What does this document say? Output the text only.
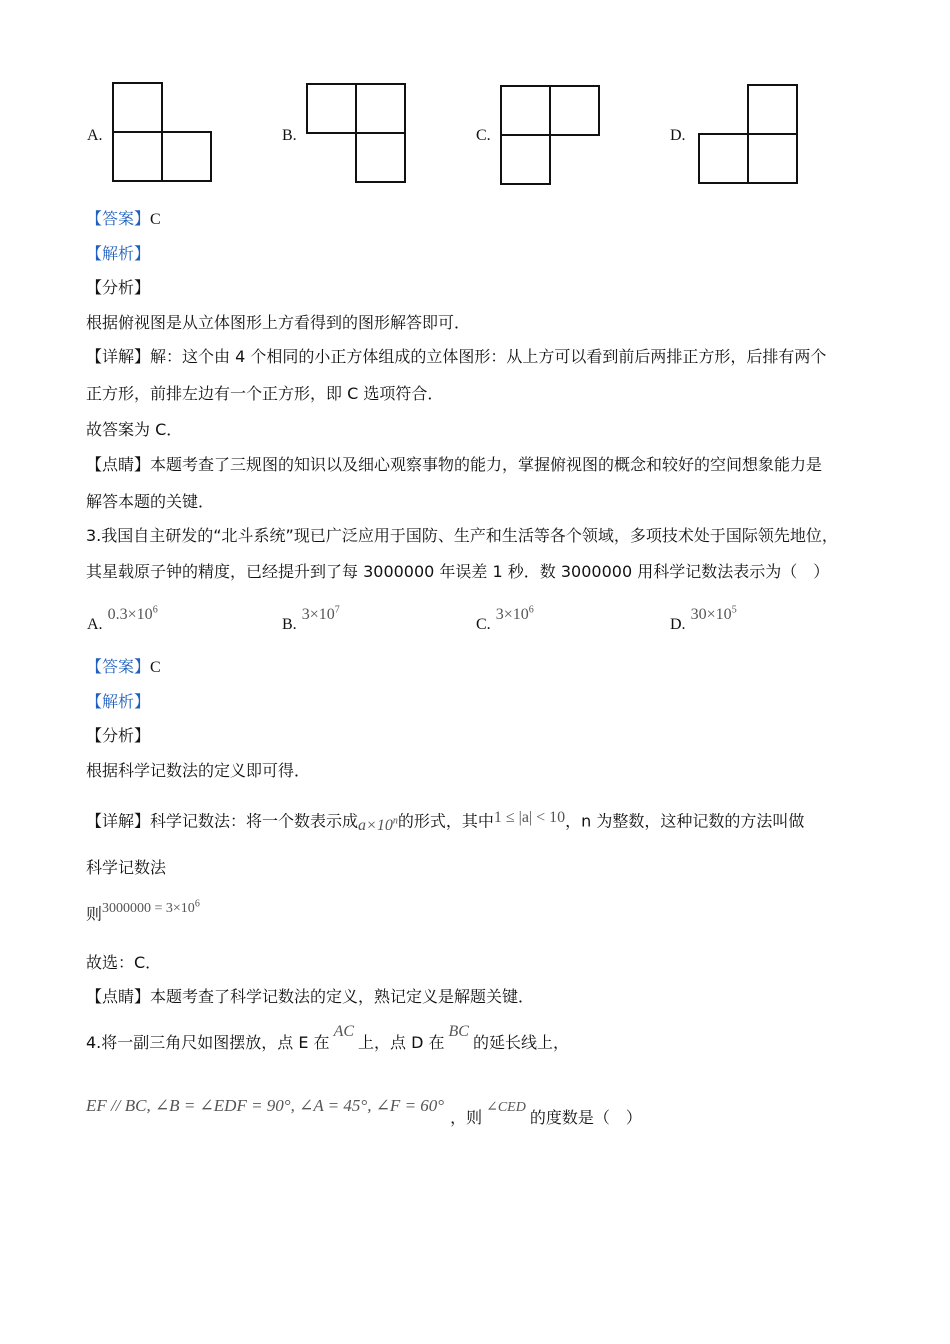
A.	B.	C.	D.
【答案】C
【解析】
【分析】
根据俯视图是从立体图形上方看得到的图形解答即可．
【详解】解：这个由 4 个相同的小正方体组成的立体图形：从上方可以看到前后两排正方形，后排有两个
正方形，前排左边有一个正方形，即 C 选项符合．
故答案为 C．
【点睛】本题考查了三规图的知识以及细心观察事物的能力，掌握俯视图的概念和较好的空间想象能力是
解答本题的关键．
3.我国自主研发的“北斗系统”现已广泛应用于国防、生产和生活等各个领域，多项技术处于国际领先地位，
其星载原子钟的精度，已经提升到了每 3000000 年误差 1 秒．数 3000000 用科学记数法表示为（　）
A. $0.3\times 10^6$
B. $3\times 10^7$
C. $3\times 10^6$
D. $30\times 10^5$
【答案】C
【解析】
【分析】
根据科学记数法的定义即可得．
【详解】科学记数法：将一个数表示成$a\times 10^n$的形式，其中1 ≤ |a| < 10，n 为整数，这种记数的方法叫做
科学记数法
则$3000000 = 3\times 10^6$
故选：C．
【点睛】本题考查了科学记数法的定义，熟记定义是解题关键．
4.将一副三角尺如图摆放，点 E 在AC上，点 D 在BC的延长线上，
EF // BC, ∠B = ∠EDF = 90°, ∠A = 45°, ∠F = 60°，则∠CED的度数是（　）
